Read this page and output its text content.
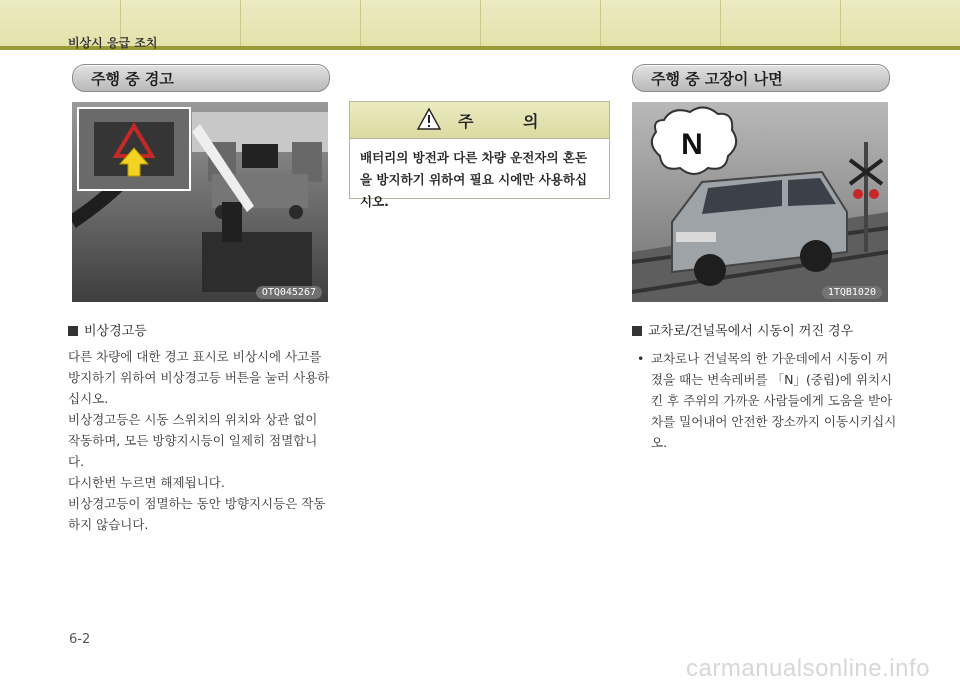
비상시 응급 조치
주행 중 경고
OTQ045267
비상경고등

다른 차량에 대한 경고 표시로 비상시에 사고를 방지하기 위하여 비상경고등 버튼을 눌러 사용하십시오.

비상경고등은 시동 스위치의 위치와 상관 없이 작동하며, 모든 방향지시등이 일제히 점멸합니다.

다시한번 누르면 해제됩니다.

비상경고등이 점멸하는 동안 방향지시등은 작동하지 않습니다.

주 의
배터리의 방전과 다른 차량 운전자의 혼돈을 방지하기 위하여 필요 시에만 사용하십시오.
주행 중 고장이 나면
N
1TQB1020
교차로/건널목에서 시동이 꺼진 경우
• 교차로나 건널목의 한 가운데에서 시동이 꺼졌을 때는 변속레버를 「N」(중립)에 위치시킨 후 주위의 가까운 사람들에게 도움을 받아 차를 밀어내어 안전한 장소까지 이동시키십시오.
6-2
carmanualsonline.info
